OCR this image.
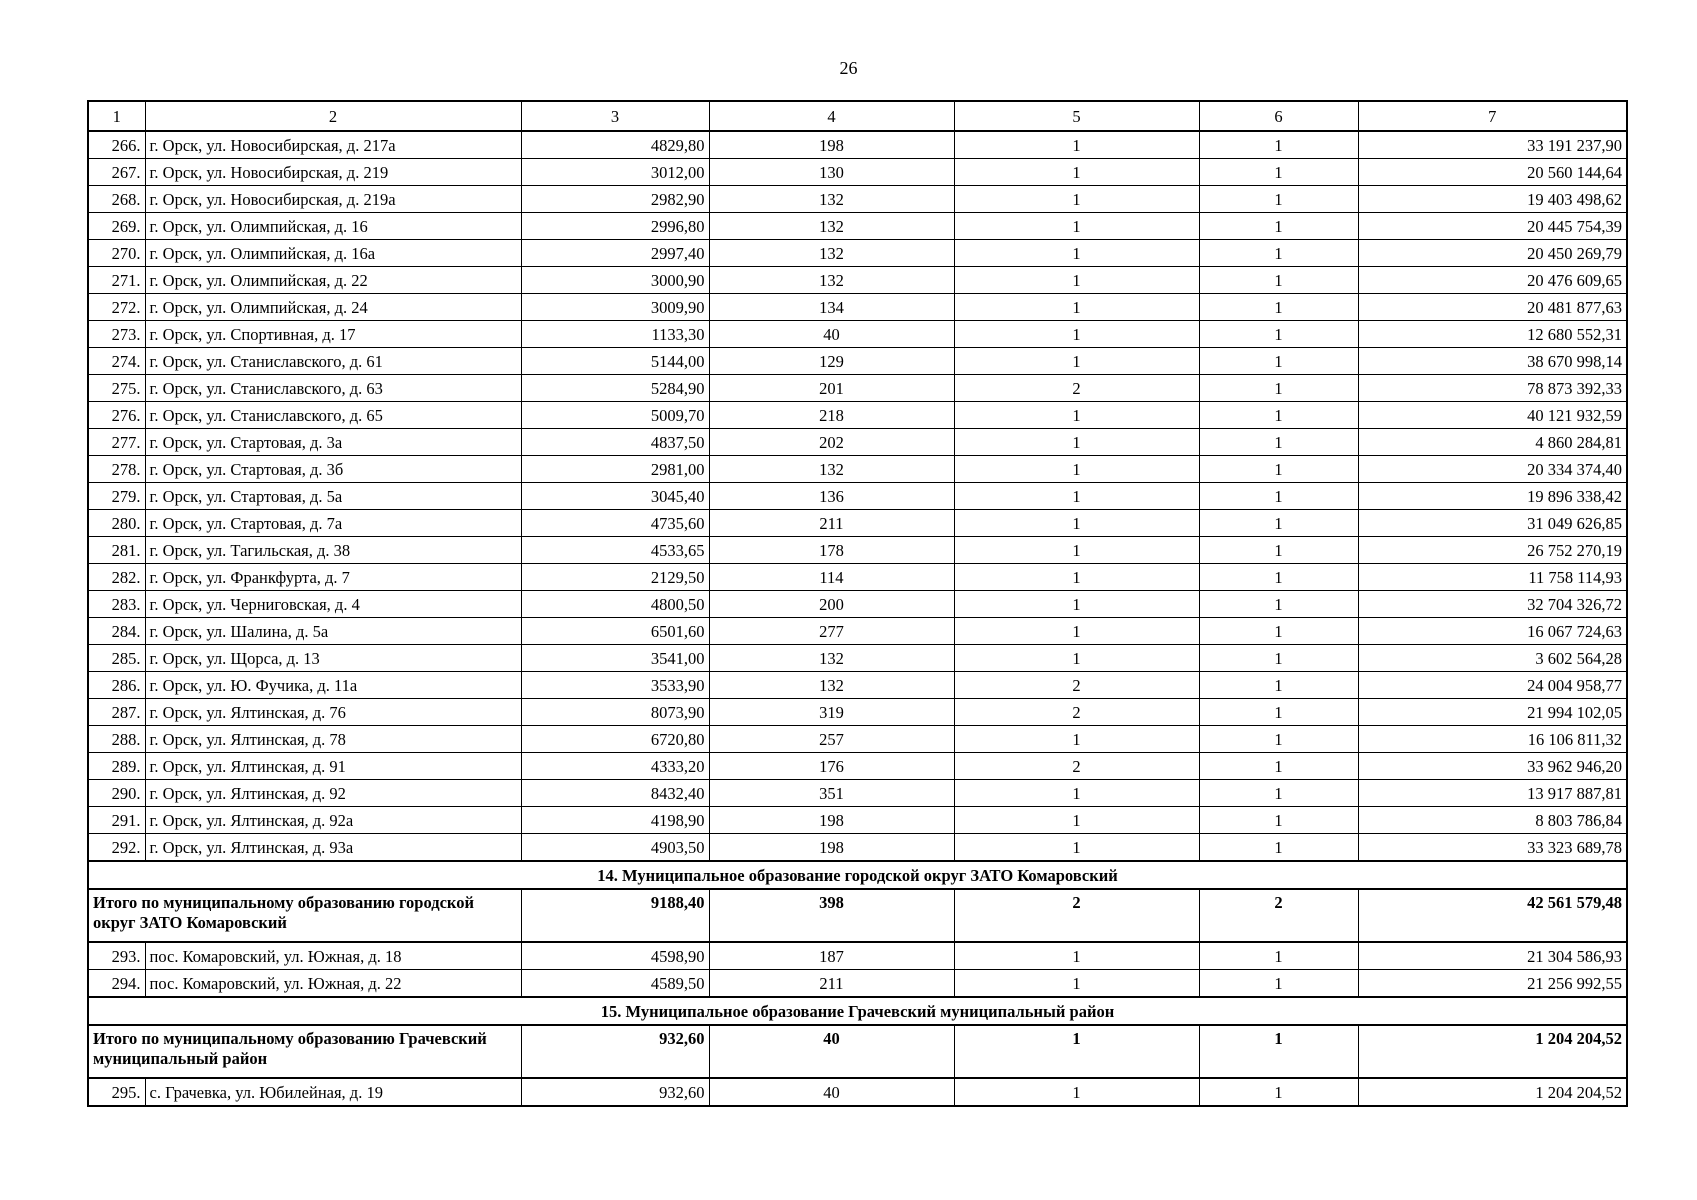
26
1	2	3	4	5	6	7
266.	г. Орск, ул. Новосибирская, д. 217а	4829,80	198	1	1	33 191 237,90
267.	г. Орск, ул. Новосибирская, д. 219	3012,00	130	1	1	20 560 144,64
268.	г. Орск, ул. Новосибирская, д. 219а	2982,90	132	1	1	19 403 498,62
269.	г. Орск, ул. Олимпийская, д. 16	2996,80	132	1	1	20 445 754,39
270.	г. Орск, ул. Олимпийская, д. 16а	2997,40	132	1	1	20 450 269,79
271.	г. Орск, ул. Олимпийская, д. 22	3000,90	132	1	1	20 476 609,65
272.	г. Орск, ул. Олимпийская, д. 24	3009,90	134	1	1	20 481 877,63
273.	г. Орск, ул. Спортивная, д. 17	1133,30	40	1	1	12 680 552,31
274.	г. Орск, ул. Станиславского, д. 61	5144,00	129	1	1	38 670 998,14
275.	г. Орск, ул. Станиславского, д. 63	5284,90	201	2	1	78 873 392,33
276.	г. Орск, ул. Станиславского, д. 65	5009,70	218	1	1	40 121 932,59
277.	г. Орск, ул. Стартовая, д. 3а	4837,50	202	1	1	4 860 284,81
278.	г. Орск, ул. Стартовая, д. 3б	2981,00	132	1	1	20 334 374,40
279.	г. Орск, ул. Стартовая, д. 5а	3045,40	136	1	1	19 896 338,42
280.	г. Орск, ул. Стартовая, д. 7а	4735,60	211	1	1	31 049 626,85
281.	г. Орск, ул. Тагильская, д. 38	4533,65	178	1	1	26 752 270,19
282.	г. Орск, ул. Франкфурта, д. 7	2129,50	114	1	1	11 758 114,93
283.	г. Орск, ул. Черниговская, д. 4	4800,50	200	1	1	32 704 326,72
284.	г. Орск, ул. Шалина, д. 5а	6501,60	277	1	1	16 067 724,63
285.	г. Орск, ул. Щорса, д. 13	3541,00	132	1	1	3 602 564,28
286.	г. Орск, ул. Ю. Фучика, д. 11а	3533,90	132	2	1	24 004 958,77
287.	г. Орск, ул. Ялтинская, д. 76	8073,90	319	2	1	21 994 102,05
288.	г. Орск, ул. Ялтинская, д. 78	6720,80	257	1	1	16 106 811,32
289.	г. Орск, ул. Ялтинская, д. 91	4333,20	176	2	1	33 962 946,20
290.	г. Орск, ул. Ялтинская, д. 92	8432,40	351	1	1	13 917 887,81
291.	г. Орск, ул. Ялтинская, д. 92а	4198,90	198	1	1	8 803 786,84
292.	г. Орск, ул. Ялтинская, д. 93а	4903,50	198	1	1	33 323 689,78
14. Муниципальное образование городской округ ЗАТО Комаровский						
Итого по муниципальному образованию городской округ ЗАТО Комаровский		9188,40	398	2	2	42 561 579,48
293.	пос. Комаровский, ул. Южная, д. 18	4598,90	187	1	1	21 304 586,93
294.	пос. Комаровский, ул. Южная, д. 22	4589,50	211	1	1	21 256 992,55
15. Муниципальное образование Грачевский муниципальный район						
Итого по муниципальному образованию Грачевский муниципальный район		932,60	40	1	1	1 204 204,52
295.	с. Грачевка, ул. Юбилейная, д. 19	932,60	40	1	1	1 204 204,52
